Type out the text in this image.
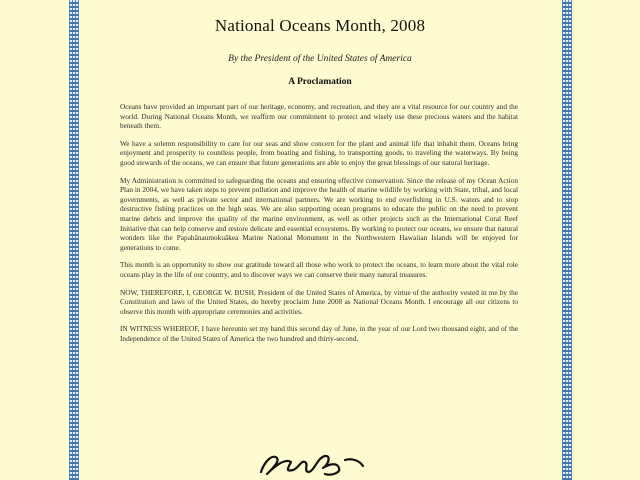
National Oceans Month, 2008
By the President of the United States of America
A Proclamation

Oceans have provided an important part of our heritage, economy, and recreation, and they are a vital resource for our country and the world. During National Oceans Month, we reaffirm our commitment to protect and wisely use these precious waters and the habitat beneath them.

We have a solemn responsibility to care for our seas and show concern for the plant and animal life that inhabit them. Oceans bring enjoyment and prosperity to countless people, from boating and fishing, to transporting goods, to traveling the waterways. By being good stewards of the oceans, we can ensure that future generations are able to enjoy the great blessings of our natural heritage.

My Administration is committed to safeguarding the oceans and ensuring effective conservation. Since the release of my Ocean Action Plan in 2004, we have taken steps to prevent pollution and improve the health of marine wildlife by working with State, tribal, and local governments, as well as private sector and international partners. We are working to end overfishing in U.S. waters and to stop destructive fishing practices on the high seas. We are also supporting ocean programs to educate the public on the need to prevent marine debris and improve the quality of the marine environment, as well as other projects such as the International Coral Reef Initiative that can help conserve and restore delicate and essential ecosystems. By working to protect our oceans, we ensure that natural wonders like the Papahānaumokuākea Marine National Monument in the Northwestern Hawaiian Islands will be enjoyed for generations to come.

This month is an opportunity to show our gratitude toward all those who work to protect the oceans, to learn more about the vital role oceans play in the life of our country, and to discover ways we can conserve their many natural treasures.

NOW, THEREFORE, I, GEORGE W. BUSH, President of the United States of America, by virtue of the authority vested in me by the Constitution and laws of the United States, do hereby proclaim June 2008 as National Oceans Month. I encourage all our citizens to observe this month with appropriate ceremonies and activities.

IN WITNESS WHEREOF, I have hereunto set my hand this second day of June, in the year of our Lord two thousand eight, and of the Independence of the United States of America the two hundred and thirty-second.
